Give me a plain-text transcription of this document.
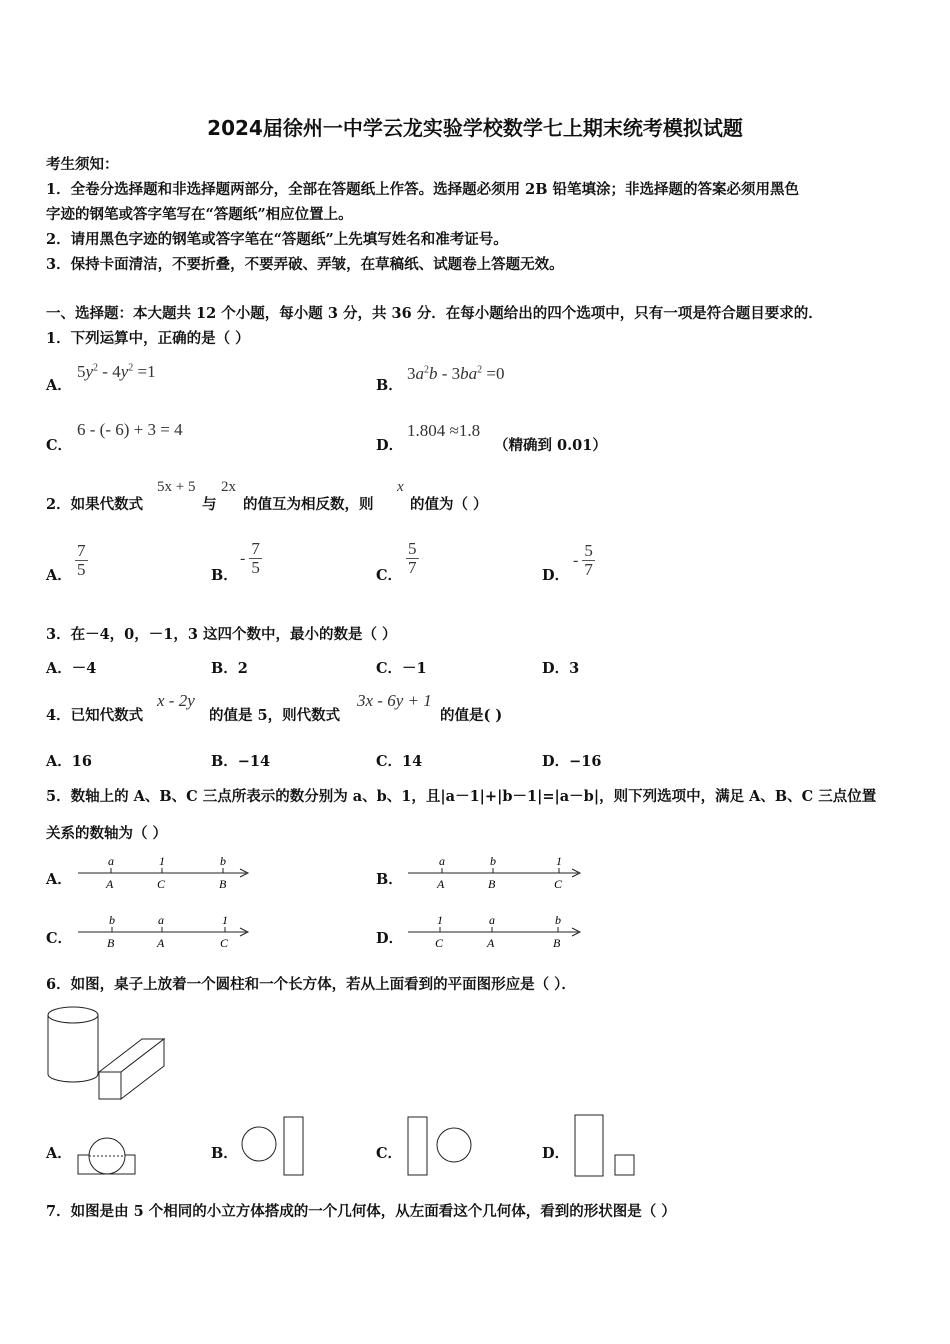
2024届徐州一中学云龙实验学校数学七上期末统考模拟试题
考生须知：
1．全卷分选择题和非选择题两部分，全部在答题纸上作答。选择题必须用 2B 铅笔填涂；非选择题的答案必须用黑色
字迹的钢笔或答字笔写在“答题纸”相应位置上。
2．请用黑色字迹的钢笔或答字笔在“答题纸”上先填写姓名和准考证号。
3．保持卡面清洁，不要折叠，不要弄破、弄皱，在草稿纸、试题卷上答题无效。
一、选择题：本大题共 12 个小题，每小题 3 分，共 36 分．在每小题给出的四个选项中，只有一项是符合题目要求的．
1．下列运算中，正确的是（ ）
A．
$5y^2 - 4y^2 =1$
B．
$3a^2b - 3ba^2 =0$
C．
6 - (- 6) + 3 = 4
D．
1.804 ≈1.8
（精确到 0.01）
2．如果代数式
5x + 5
与
2x
的值互为相反数，则
x
的值为（ ）
A． $\frac{7}{5}$	B．
- $\frac{7}{5}$	C． $\frac{5}{7}$	D．
- $\frac{5}{7}$
3．在－4，0，－1，3 这四个数中，最小的数是（ ）
A．－4	B．2	C．－1	D．3
4．已知代数式
x - 2y
的值是 5，则代数式
3x - 6y + 1
的值是( )
A．16	B．−14	C．14	D．−16
5．数轴上的 A、B、C 三点所表示的数分别为 a、b、1，且|a－1|+|b－1|=|a－b|，则下列选项中，满足 A、B、C 三点位置
关系的数轴为（ ）
A．	B．
C．	D．
a	1	b
A	C	B
a	b	1
A	B	C
b	a	1
B	A	C
1	a	b
C	A	B
6．如图，桌子上放着一个圆柱和一个长方体，若从上面看到的平面图形应是（ ）．
A．	B．	C．	D．
7．如图是由 5 个相同的小立方体搭成的一个几何体，从左面看这个几何体，看到的形状图是（ ）
